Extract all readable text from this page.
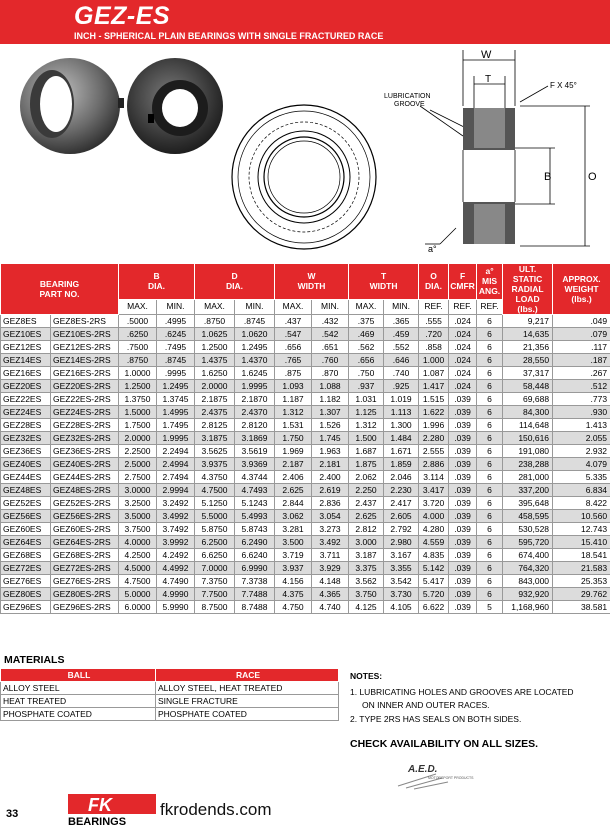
GEZ-ES
INCH - SPHERICAL PLAIN BEARINGS WITH SINGLE FRACTURED RACE
W
T
F X 45°
B	O
a°
LUBRICATION
GROOVE
BEARING
PART NO.		B
DIA.		D
DIA.		W
WIDTH		T
WIDTH		O
DIA.	F
CMFR	a°
MIS
ANG.	ULT.
STATIC
RADIAL
LOAD
(lbs.)	APPROX.
WEIGHT
(lbs.)
		MAX.	MIN.	MAX.	MIN.	MAX.	MIN.	MAX.	MIN.	REF.	REF.	REF.		
GEZ8ES	GEZ8ES-2RS	.5000	.4995	.8750	.8745	.437	.432	.375	.365	.555	.024	6	9,217	.049
GEZ10ES	GEZ10ES-2RS	.6250	.6245	1.0625	1.0620	.547	.542	.469	.459	.720	.024	6	14,635	.079
GEZ12ES	GEZ12ES-2RS	.7500	.7495	1.2500	1.2495	.656	.651	.562	.552	.858	.024	6	21,356	.117
GEZ14ES	GEZ14ES-2RS	.8750	.8745	1.4375	1.4370	.765	.760	.656	.646	1.000	.024	6	28,550	.187
GEZ16ES	GEZ16ES-2RS	1.0000	.9995	1.6250	1.6245	.875	.870	.750	.740	1.087	.024	6	37,317	.267
GEZ20ES	GEZ20ES-2RS	1.2500	1.2495	2.0000	1.9995	1.093	1.088	.937	.925	1.417	.024	6	58,448	.512
GEZ22ES	GEZ22ES-2RS	1.3750	1.3745	2.1875	2.1870	1.187	1.182	1.031	1.019	1.515	.039	6	69,688	.773
GEZ24ES	GEZ24ES-2RS	1.5000	1.4995	2.4375	2.4370	1.312	1.307	1.125	1.113	1.622	.039	6	84,300	.930
GEZ28ES	GEZ28ES-2RS	1.7500	1.7495	2.8125	2.8120	1.531	1.526	1.312	1.300	1.996	.039	6	114,648	1.413
GEZ32ES	GEZ32ES-2RS	2.0000	1.9995	3.1875	3.1869	1.750	1.745	1.500	1.484	2.280	.039	6	150,616	2.055
GEZ36ES	GEZ36ES-2RS	2.2500	2.2494	3.5625	3.5619	1.969	1.963	1.687	1.671	2.555	.039	6	191,080	2.932
GEZ40ES	GEZ40ES-2RS	2.5000	2.4994	3.9375	3.9369	2.187	2.181	1.875	1.859	2.886	.039	6	238,288	4.079
GEZ44ES	GEZ44ES-2RS	2.7500	2.7494	4.3750	4.3744	2.406	2.400	2.062	2.046	3.114	.039	6	281,000	5.335
GEZ48ES	GEZ48ES-2RS	3.0000	2.9994	4.7500	4.7493	2.625	2.619	2.250	2.230	3.417	.039	6	337,200	6.834
GEZ52ES	GEZ52ES-2RS	3.2500	3.2492	5.1250	5.1243	2.844	2.836	2.437	2.417	3.720	.039	6	395,648	8.422
GEZ56ES	GEZ56ES-2RS	3.5000	3.4992	5.5000	5.4993	3.062	3.054	2.625	2.605	4.000	.039	6	458,595	10.560
GEZ60ES	GEZ60ES-2RS	3.7500	3.7492	5.8750	5.8743	3.281	3.273	2.812	2.792	4.280	.039	6	530,528	12.743
GEZ64ES	GEZ64ES-2RS	4.0000	3.9992	6.2500	6.2490	3.500	3.492	3.000	2.980	4.559	.039	6	595,720	15.410
GEZ68ES	GEZ68ES-2RS	4.2500	4.2492	6.6250	6.6240	3.719	3.711	3.187	3.167	4.835	.039	6	674,400	18.541
GEZ72ES	GEZ72ES-2RS	4.5000	4.4992	7.0000	6.9990	3.937	3.929	3.375	3.355	5.142	.039	6	764,320	21.583
GEZ76ES	GEZ76ES-2RS	4.7500	4.7490	7.3750	7.3738	4.156	4.148	3.562	3.542	5.417	.039	6	843,000	25.353
GEZ80ES	GEZ80ES-2RS	5.0000	4.9990	7.7500	7.7488	4.375	4.365	3.750	3.730	5.720	.039	6	932,920	29.762
GEZ96ES	GEZ96ES-2RS	6.0000	5.9990	8.7500	8.7488	4.750	4.740	4.125	4.105	6.622	.039	5	1,168,960	38.581
MATERIALS
BALL	RACE
ALLOY STEEL	ALLOY STEEL, HEAT TREATED
HEAT TREATED	SINGLE FRACTURE
PHOSPHATE COATED	PHOSPHATE COATED
NOTES:
1. LUBRICATING HOLES AND GROOVES ARE LOCATED
ON INNER AND OUTER RACES.
2. TYPE 2RS HAS SEALS ON BOTH SIDES.
CHECK AVAILABILITY ON ALL SIZES.
A.E.D.
MOTORSPORT PRODUCTS
33	FK
BEARINGS
fkrodends.com
